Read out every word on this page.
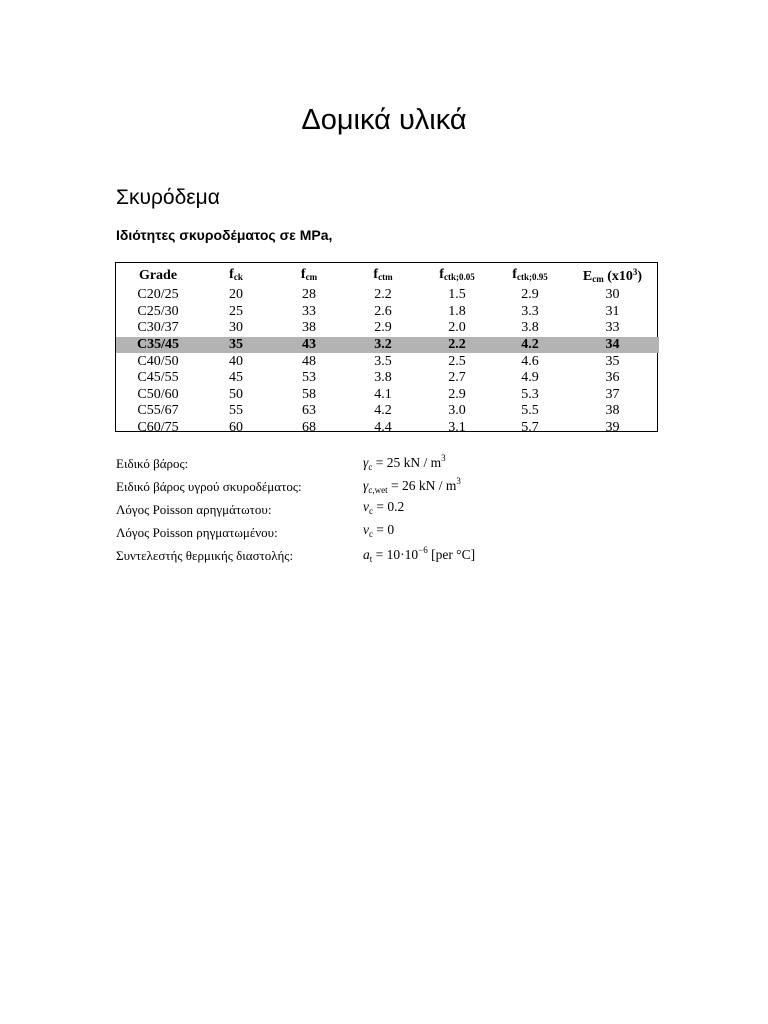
Δομικά υλικά
Σκυρόδεμα
Ιδιότητες σκυροδέματος σε MPa,
Grade	$f_{ck}$	$f_{cm}$	$f_{ctm}$	$f_{ctk;0.05}$	$f_{ctk;0.95}$	$E_{cm}$ $(x10^3)$
C20/25	20	28	2.2	1.5	2.9	30
C25/30	25	33	2.6	1.8	3.3	31
C30/37	30	38	2.9	2.0	3.8	33
C35/45	35	43	3.2	2.2	4.2	34
C40/50	40	48	3.5	2.5	4.6	35
C45/55	45	53	3.8	2.7	4.9	36
C50/60	50	58	4.1	2.9	5.3	37
C55/67	55	63	4.2	3.0	5.5	38
C60/75	60	68	4.4	3.1	5.7	39
Ειδικό βάρος:	$\gamma_c = 25$ kN / $m^3$
Ειδικό βάρος υγρού σκυροδέματος:	$\gamma_{c,wet} = 26$ kN / $m^3$
Λόγος Poisson αρηγμάτωτου:	$\nu_c = 0.2$
Λόγος Poisson ρηγματωμένου:	$\nu_c = 0$
Συντελεστής θερμικής διαστολής:	$a_t = 10\cdot 10^{-6}$ [per °C]
